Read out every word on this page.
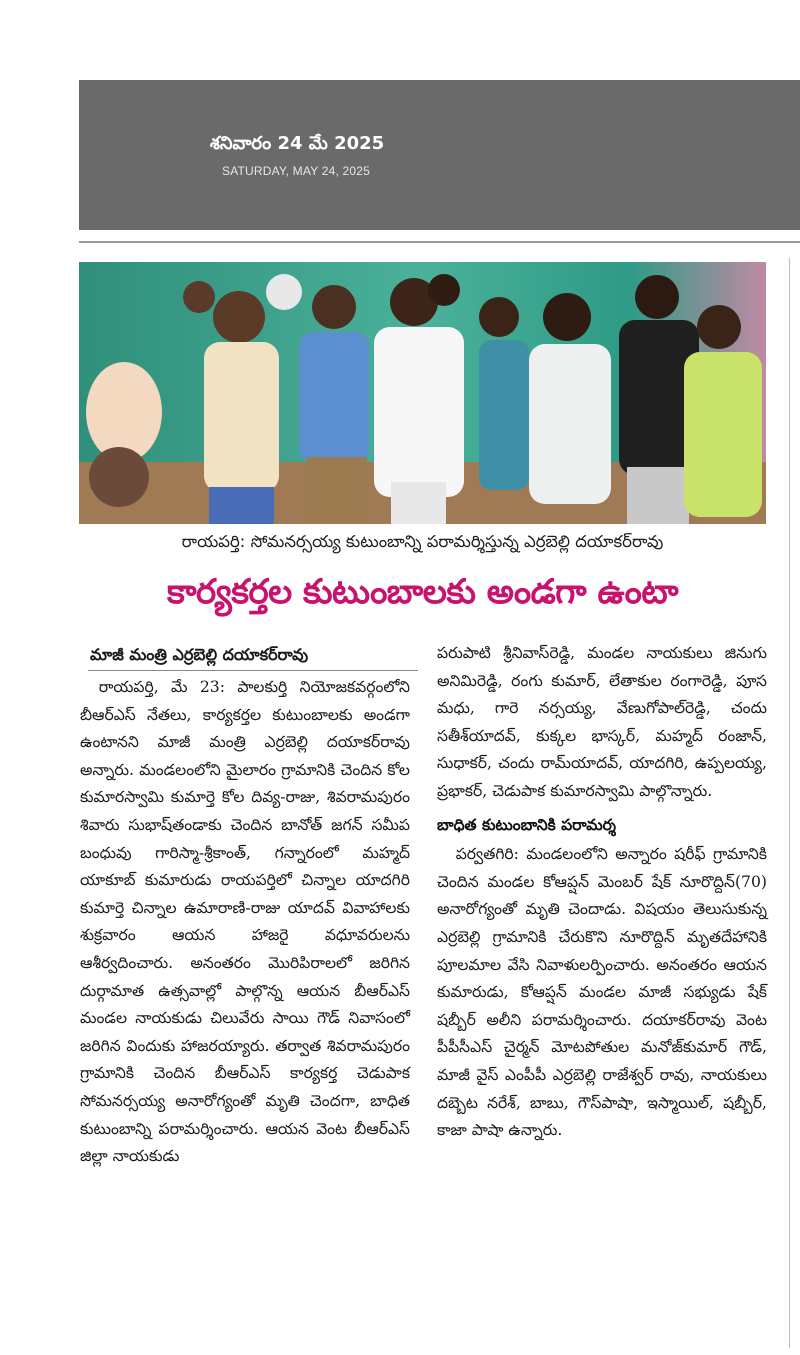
శనివారం 24 మే 2025
SATURDAY, MAY 24, 2025
రాయపర్తి: సోమనర్సయ్య కుటుంబాన్ని పరామర్శిస్తున్న ఎర్రబెల్లి దయాకర్‌రావు
కార్యకర్తల కుటుంబాలకు అండగా ఉంటా
మాజీ మంత్రి ఎర్రబెల్లి దయాకర్‌రావు

రాయపర్తి, మే 23: పాలకుర్తి నియోజకవర్గంలోని బీఆర్‌ఎస్ నేతలు, కార్యకర్తల కుటుంబాలకు అండగా ఉంటానని మాజీ మంత్రి ఎర్రబెల్లి దయాకర్‌రావు అన్నారు. మండలంలోని మైలారం గ్రామానికి చెందిన కోల కుమారస్వామి కుమార్తె కోల దివ్య-రాజు, శివరామపురం శివారు సుభాష్‌తండాకు చెందిన బానోత్ జగన్ సమీప బంధువు గారిస్మా-శ్రీకాంత్, గన్నారంలో మహ్మద్ యాకూబ్ కుమారుడు రాయపర్తిలో చిన్నాల యాదగిరి కుమార్తె చిన్నాల ఉమారాణి-రాజు యాదవ్ వివాహాలకు శుక్రవారం ఆయన హాజరై వధూవరులను ఆశీర్వదించారు. అనంతరం మొరిపిరాలలో జరిగిన దుర్గామాత ఉత్సవాల్లో పాల్గొన్న ఆయన బీఆర్ఎస్ మండల నాయకుడు చిలువేరు సాయి గౌడ్ నివాసంలో జరిగిన విందుకు హాజరయ్యారు. తర్వాత శివరామపురం గ్రామానికి చెందిన బీఆర్ఎస్ కార్యకర్త చెడుపాక సోమనర్సయ్య అనారోగ్యంతో మృతి చెందగా, బాధిత కుటుంబాన్ని పరామర్శించారు. ఆయన వెంట బీఆర్ఎస్ జిల్లా నాయకుడు

పరుపాటి శ్రీనివాస్‌రెడ్డి, మండల నాయకులు జినుగు అనిమిరెడ్డి, రంగు కుమార్, లేతాకుల రంగారెడ్డి, పూస మధు, గారె నర్సయ్య, వేణుగోపాల్‌రెడ్డి, చందు సతీశ్‌యాదవ్, కుక్కల భాస్కర్, మహ్మద్ రంజాన్, సుధాకర్, చందు రామ్‌యాదవ్, యాదగిరి, ఉప్పలయ్య, ప్రభాకర్, చెడుపాక కుమారస్వామి పాల్గొన్నారు.

బాధిత కుటుంబానికి పరామర్శ

పర్వతగిరి: మండలంలోని అన్నారం షరీఫ్ గ్రామానికి చెందిన మండల కోఆప్షన్ మెంబర్ షేక్ నూరొద్దిన్(70) అనారోగ్యంతో మృతి చెందాడు. విషయం తెలుసుకున్న ఎర్రబెల్లి గ్రామానికి చేరుకొని నూరొద్దిన్ మృతదేహానికి పూలమాల వేసి నివాళులర్పించారు. అనంతరం ఆయన కుమారుడు, కోఆప్షన్ మండల మాజీ సభ్యుడు షేక్ షబ్బీర్ అలీని పరామర్శించారు. దయాకర్‌రావు వెంట పీపీసీఎస్ చైర్మన్ మోటపోతుల మనోజ్‌కుమార్ గౌడ్, మాజీ వైస్ ఎంపీపీ ఎర్రబెల్లి రాజేశ్వర్ రావు, నాయకులు దబ్బెట నరేశ్, బాబు, గౌస్‌పాషా, ఇస్మాయిల్, షబ్బీర్, కాజా పాషా ఉన్నారు.
